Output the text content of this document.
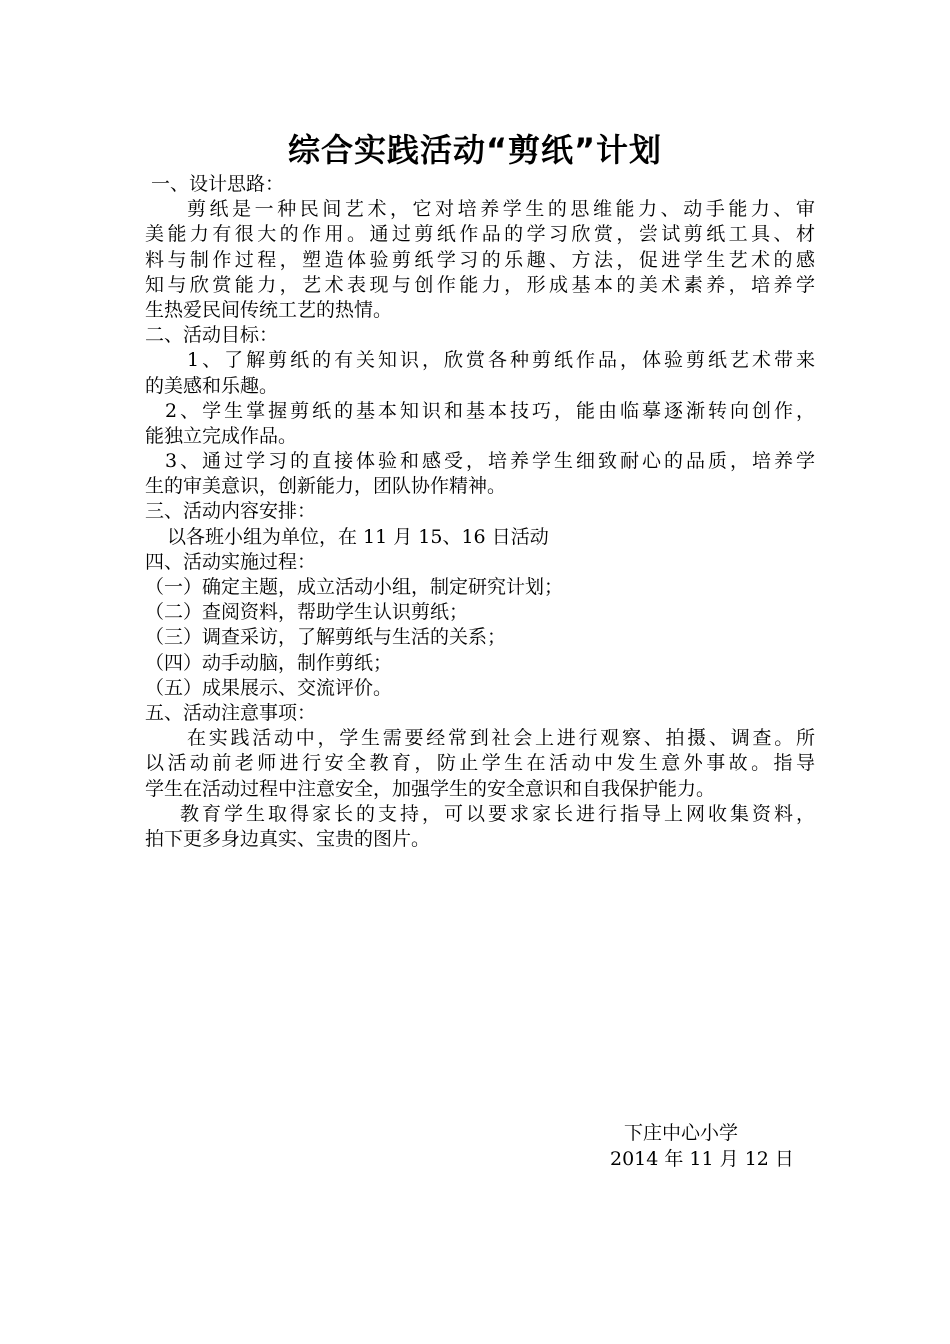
综合实践活动“剪纸”计划
一、设计思路：
剪纸是一种民间艺术，它对培养学生的思维能力、动手能力、审
美能力有很大的作用。通过剪纸作品的学习欣赏，尝试剪纸工具、材
料与制作过程，塑造体验剪纸学习的乐趣、方法，促进学生艺术的感
知与欣赏能力，艺术表现与创作能力，形成基本的美术素养，培养学
生热爱民间传统工艺的热情。
二、活动目标：
1、了解剪纸的有关知识，欣赏各种剪纸作品，体验剪纸艺术带来
的美感和乐趣。
2、学生掌握剪纸的基本知识和基本技巧，能由临摹逐渐转向创作，
能独立完成作品。
3、通过学习的直接体验和感受，培养学生细致耐心的品质，培养学
生的审美意识，创新能力，团队协作精神。
三、活动内容安排：
以各班小组为单位，在 11 月 15、16 日活动
四、活动实施过程：
（一）确定主题，成立活动小组，制定研究计划；
（二）查阅资料，帮助学生认识剪纸；
（三）调查采访，了解剪纸与生活的关系；
（四）动手动脑，制作剪纸；
（五）成果展示、交流评价。
五、活动注意事项：
在实践活动中，学生需要经常到社会上进行观察、拍摄、调查。所
以活动前老师进行安全教育，防止学生在活动中发生意外事故。指导
学生在活动过程中注意安全，加强学生的安全意识和自我保护能力。
教育学生取得家长的支持，可以要求家长进行指导上网收集资料，
拍下更多身边真实、宝贵的图片。
下庄中心小学
2014 年 11 月 12 日
